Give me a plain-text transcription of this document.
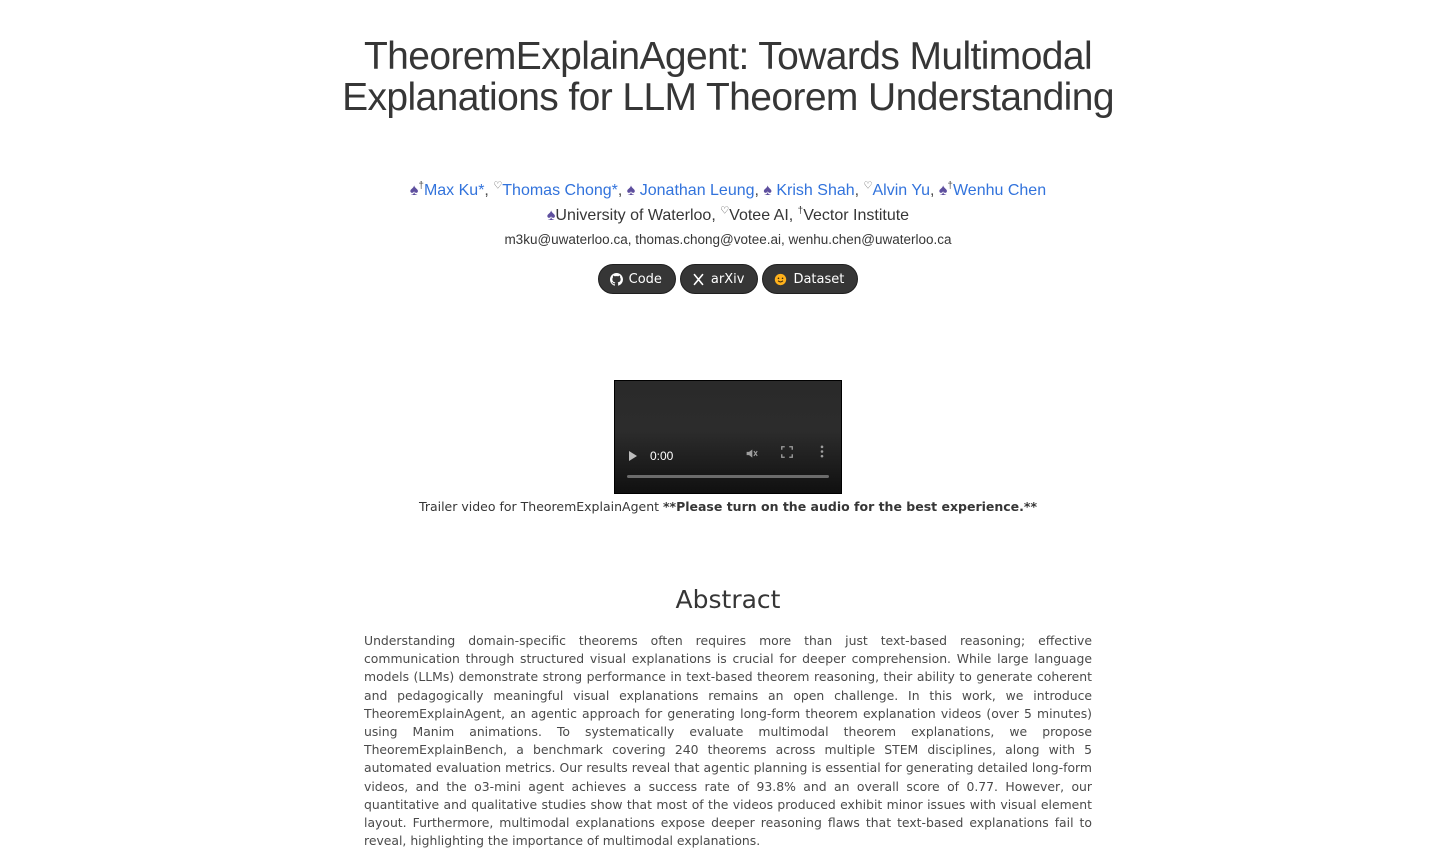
TheoremExplainAgent: Towards Multimodal Explanations for LLM Theorem Understanding
♠†Max Ku*, ♡Thomas Chong*, ♠ Jonathan Leung, ♠ Krish Shah, ♡Alvin Yu, ♠†Wenhu Chen
♠University of Waterloo, ♡Votee AI, †Vector Institute
m3ku@uwaterloo.ca, thomas.chong@votee.ai, wenhu.chen@uwaterloo.ca
Code	arXiv	Dataset
0:00
Trailer video for TheoremExplainAgent **Please turn on the audio for the best experience.**
Abstract

Understanding domain-specific theorems often requires more than just text-based reasoning; effective communication through structured visual explanations is crucial for deeper comprehension. While large language models (LLMs) demonstrate strong performance in text-based theorem reasoning, their ability to generate coherent and pedagogically meaningful visual explanations remains an open challenge. In this work, we introduce TheoremExplainAgent, an agentic approach for generating long-form theorem explanation videos (over 5 minutes) using Manim animations. To systematically evaluate multimodal theorem explanations, we propose TheoremExplainBench, a benchmark covering 240 theorems across multiple STEM disciplines, along with 5 automated evaluation metrics. Our results reveal that agentic planning is essential for generating detailed long-form videos, and the o3-mini agent achieves a success rate of 93.8% and an overall score of 0.77. However, our quantitative and qualitative studies show that most of the videos produced exhibit minor issues with visual element layout. Furthermore, multimodal explanations expose deeper reasoning flaws that text-based explanations fail to reveal, highlighting the importance of multimodal explanations.
